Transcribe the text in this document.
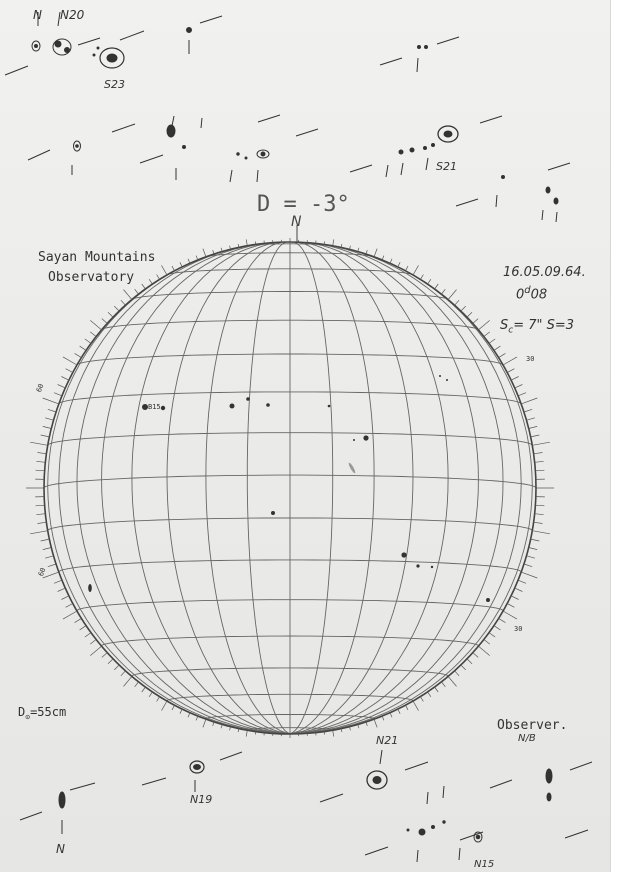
D = -3°
N
Sayan Mountains
Observatory	16.05.09.64.
0$^d$08
$S_c= 7$" S=3
$D_⊙=55cm$
Observer.
N/B
N20
N
S23
S21
N21
N19
N15
N
B15
60
30
30
60
